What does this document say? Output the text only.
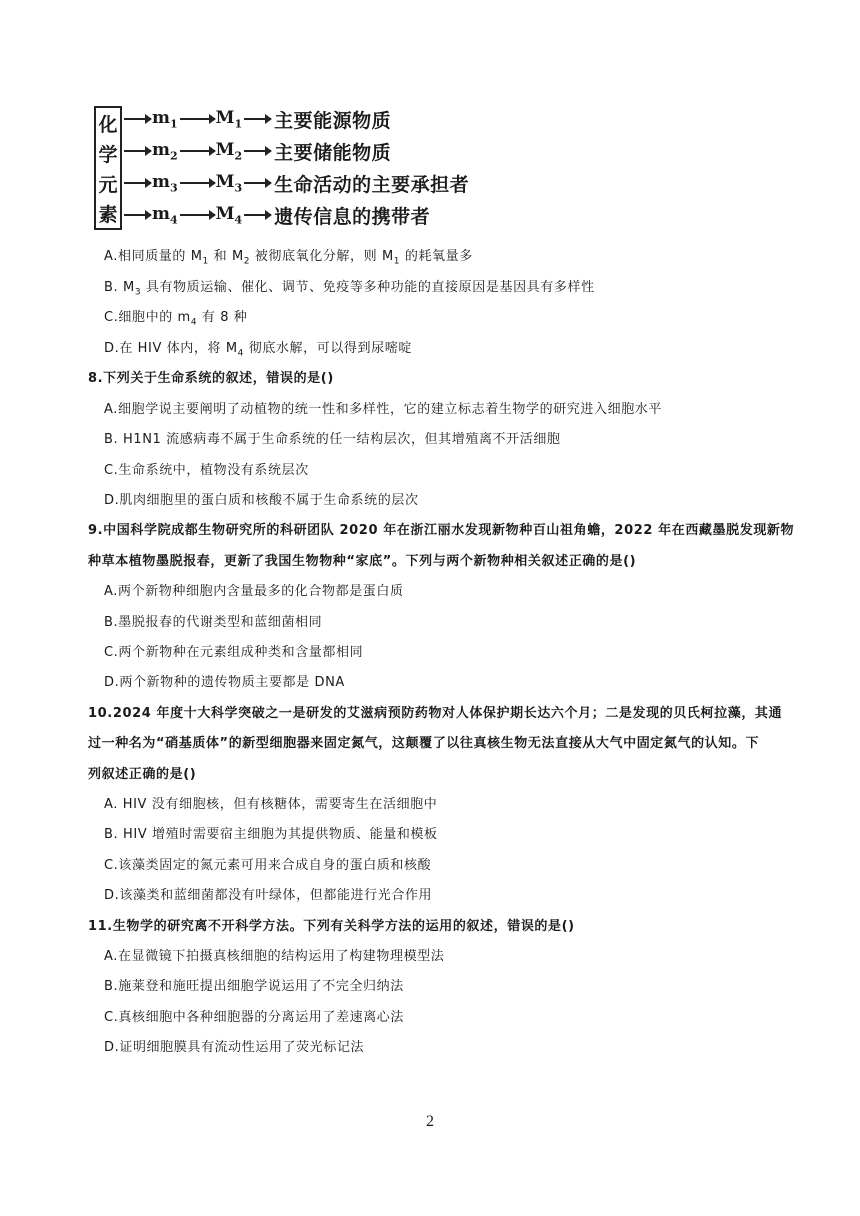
化
学
元
素
$m_1$ $M_1$ 主要能源物质
$m_2$ $M_2$ 主要储能物质
$m_3$ $M_3$ 生命活动的主要承担者
$m_4$ $M_4$ 遗传信息的携带者
A.相同质量的 $M_1$ 和 $M_2$ 被彻底氧化分解，则 $M_1$ 的耗氧量多
B. $M_3$ 具有物质运输、催化、调节、免疫等多种功能的直接原因是基因具有多样性
C.细胞中的 $m_4$ 有 8 种
D.在 HIV 体内，将 $M_4$ 彻底水解，可以得到尿嘧啶
8.下列关于生命系统的叙述，错误的是()
A.细胞学说主要阐明了动植物的统一性和多样性，它的建立标志着生物学的研究进入细胞水平
B. H1N1 流感病毒不属于生命系统的任一结构层次，但其增殖离不开活细胞
C.生命系统中，植物没有系统层次
D.肌肉细胞里的蛋白质和核酸不属于生命系统的层次
9.中国科学院成都生物研究所的科研团队 2020 年在浙江丽水发现新物种百山祖角蟾，2022 年在西藏墨脱发现新物
种草本植物墨脱报春，更新了我国生物物种“家底”。下列与两个新物种相关叙述正确的是()
A.两个新物种细胞内含量最多的化合物都是蛋白质
B.墨脱报春的代谢类型和蓝细菌相同
C.两个新物种在元素组成种类和含量都相同
D.两个新物种的遗传物质主要都是 DNA
10.2024 年度十大科学突破之一是研发的艾滋病预防药物对人体保护期长达六个月；二是发现的贝氏柯拉藻，其通
过一种名为“硝基质体”的新型细胞器来固定氮气，这颠覆了以往真核生物无法直接从大气中固定氮气的认知。下
列叙述正确的是()
A. HIV 没有细胞核，但有核糖体，需要寄生在活细胞中
B. HIV 增殖时需要宿主细胞为其提供物质、能量和模板
C.该藻类固定的氮元素可用来合成自身的蛋白质和核酸
D.该藻类和蓝细菌都没有叶绿体，但都能进行光合作用
11.生物学的研究离不开科学方法。下列有关科学方法的运用的叙述，错误的是()
A.在显微镜下拍摄真核细胞的结构运用了构建物理模型法
B.施莱登和施旺提出细胞学说运用了不完全归纳法
C.真核细胞中各种细胞器的分离运用了差速离心法
D.证明细胞膜具有流动性运用了荧光标记法
2
